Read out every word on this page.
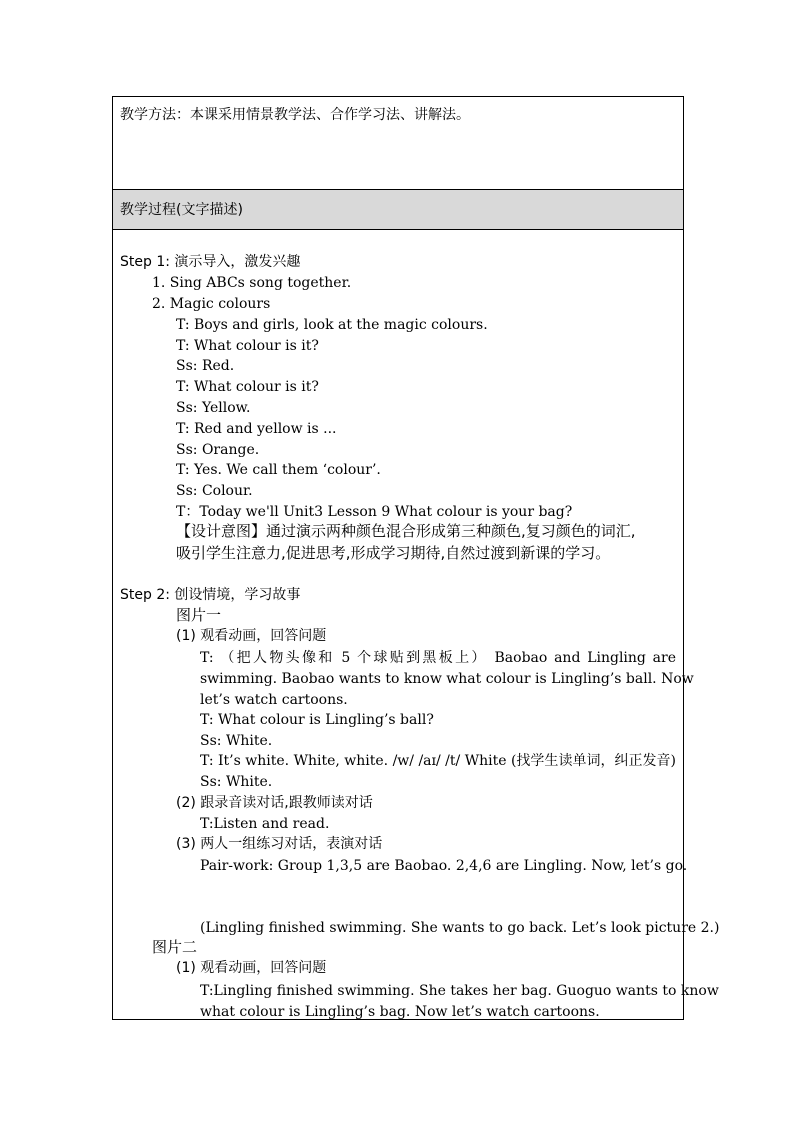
教学方法：本课采用情景教学法、合作学习法、讲解法。
教学过程(文字描述)
Step 1: 演示导入，激发兴趣
1. Sing ABCs song together.
2. Magic colours
T: Boys and girls, look at the magic colours.
T: What colour is it?
Ss: Red.
T: What colour is it?
Ss: Yellow.
T: Red and yellow is ...
Ss: Orange.
T: Yes. We call them ‘colour’.
Ss: Colour.
T：Today we'll Unit3 Lesson 9 What colour is your bag?
【设计意图】通过演示两种颜色混合形成第三种颜色,复习颜色的词汇,
吸引学生注意力,促进思考,形成学习期待,自然过渡到新课的学习。
Step 2: 创设情境，学习故事
图片一
(1) 观看动画，回答问题
T: （把人物头像和 5 个球贴到黑板上） Baobao and Lingling are
swimming. Baobao wants to know what colour is Lingling’s ball. Now
let’s watch cartoons.
T: What colour is Lingling’s ball?
Ss: White.
T: It’s white. White, white. /w/ /aɪ/ /t/ White (找学生读单词，纠正发音)
Ss: White.
(2) 跟录音读对话,跟教师读对话
T:Listen and read.
(3) 两人一组练习对话，表演对话
Pair-work: Group 1,3,5 are Baobao. 2,4,6 are Lingling. Now, let’s go.
(Lingling finished swimming. She wants to go back. Let’s look picture 2.)
图片二
(1) 观看动画，回答问题
T:Lingling finished swimming. She takes her bag. Guoguo wants to know
what colour is Lingling’s bag. Now let’s watch cartoons.
